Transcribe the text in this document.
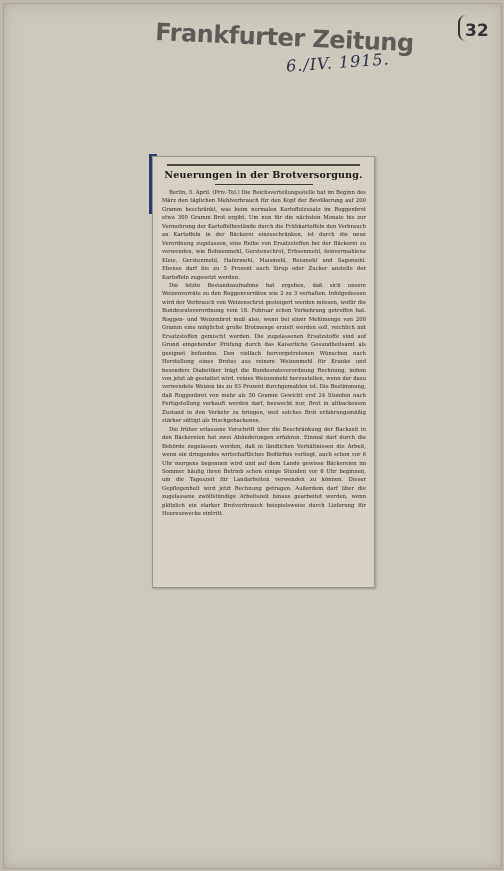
Frankfurter Zeitung	32
6./IV. 1915.
Neuerungen in der Brotversorgung.

Berlin, 5. April. (Priv.-Tel.) Die Reichsverteilungsstelle hat im Beginn des März den täglichen Mehlverbrauch für den Kopf der Bevölkerung auf 200 Gramm beschränkt, was beim normalen Kartoffelzusatz im Roggenbrot etwa 300 Gramm Brot ergibt. Um nun für die nächsten Monate bis zur Vermehrung der Kartoffelbestände durch die Frühkartoffeln den Verbrauch an Kartoffeln in der Bäckerei einzuschränken, ist durch die neue Verordnung zugelassen, eine Reihe von Ersatzstoffen bei der Bäckerei zu verwenden, wie Bohnenmehl, Gerstenschrot, Erbsenmehl, feinvermahlene Kleie, Gerstenmehl, Hafermehl, Maismehl, Reismehl und Sagomehl. Ebenso darf bis zu 5 Prozent auch Sirup oder Zucker anstelle der Kartoffeln zugesetzt werden.

Die letzte Bestandsaufnahme hat ergeben, daß sich unsere Weizenvorräte zu den Roggenvorräten wie 2 zu 3 verhalten. Infolgedessen wird der Verbrauch von Weizenschrot gesteigert werden müssen, wofür die Bundesratsverordnung vom 18. Februar schon Vorkehrung getroffen hat. Roggen- und Weizenbrot muß also, wenn bei einer Mehlmenge von 200 Gramm eine möglichst große Brotmenge erzielt werden soll, reichlich mit Ersatzstoffen gemischt werden. Die zugelassenen Ersatzstoffe sind auf Grund eingehender Prüfung durch das Kaiserliche Gesundheitsamt als geeignet befunden. Den vielfach hervorgetretenen Wünschen nach Herstellung eines Brotes aus reinem Weizenmehl für Kranke und besonders Diabetiker trägt die Bundesratsverordnung Rechnung, indem von jetzt ab gestattet wird, reines Weizenmehl herzustellen, wenn der dazu verwendete Weizen bis zu 93 Prozent durchgemahlen ist. Die Bestimmung, daß Roggenbrot von mehr als 50 Gramm Gewicht erst 24 Stunden nach Fertigstellung verkauft werden darf, bezweckt nur, Brot in altbackenem Zustand in den Verkehr zu bringen, weil solches Brot erfahrungsmäßig stärker sättigt als frischgebackenes.

Die früher erlassene Vorschrift über die Beschränkung der Backzeit in den Bäckereien hat zwei Abänderungen erfahren. Einmal darf durch die Behörde zugelassen werden, daß in ländlichen Verhältnissen die Arbeit, wenn ein dringendes wirtschaftliches Bedürfnis vorliegt, auch schon vor 6 Uhr morgens begonnen wird und auf dem Lande gewisse Bäckereien im Sommer häufig ihren Betrieb schon einige Stunden vor 6 Uhr beginnen, um die Tageszeit für Landarbeiten verwenden zu können. Dieser Gepflogenheit wird jetzt Rechnung getragen. Außerdem darf über die zugelassene zwölfstündige Arbeitszeit hinaus gearbeitet werden, wenn plötzlich ein starker Brotverbrauch beispielsweise durch Lieferung für Heereszwecke eintritt.
